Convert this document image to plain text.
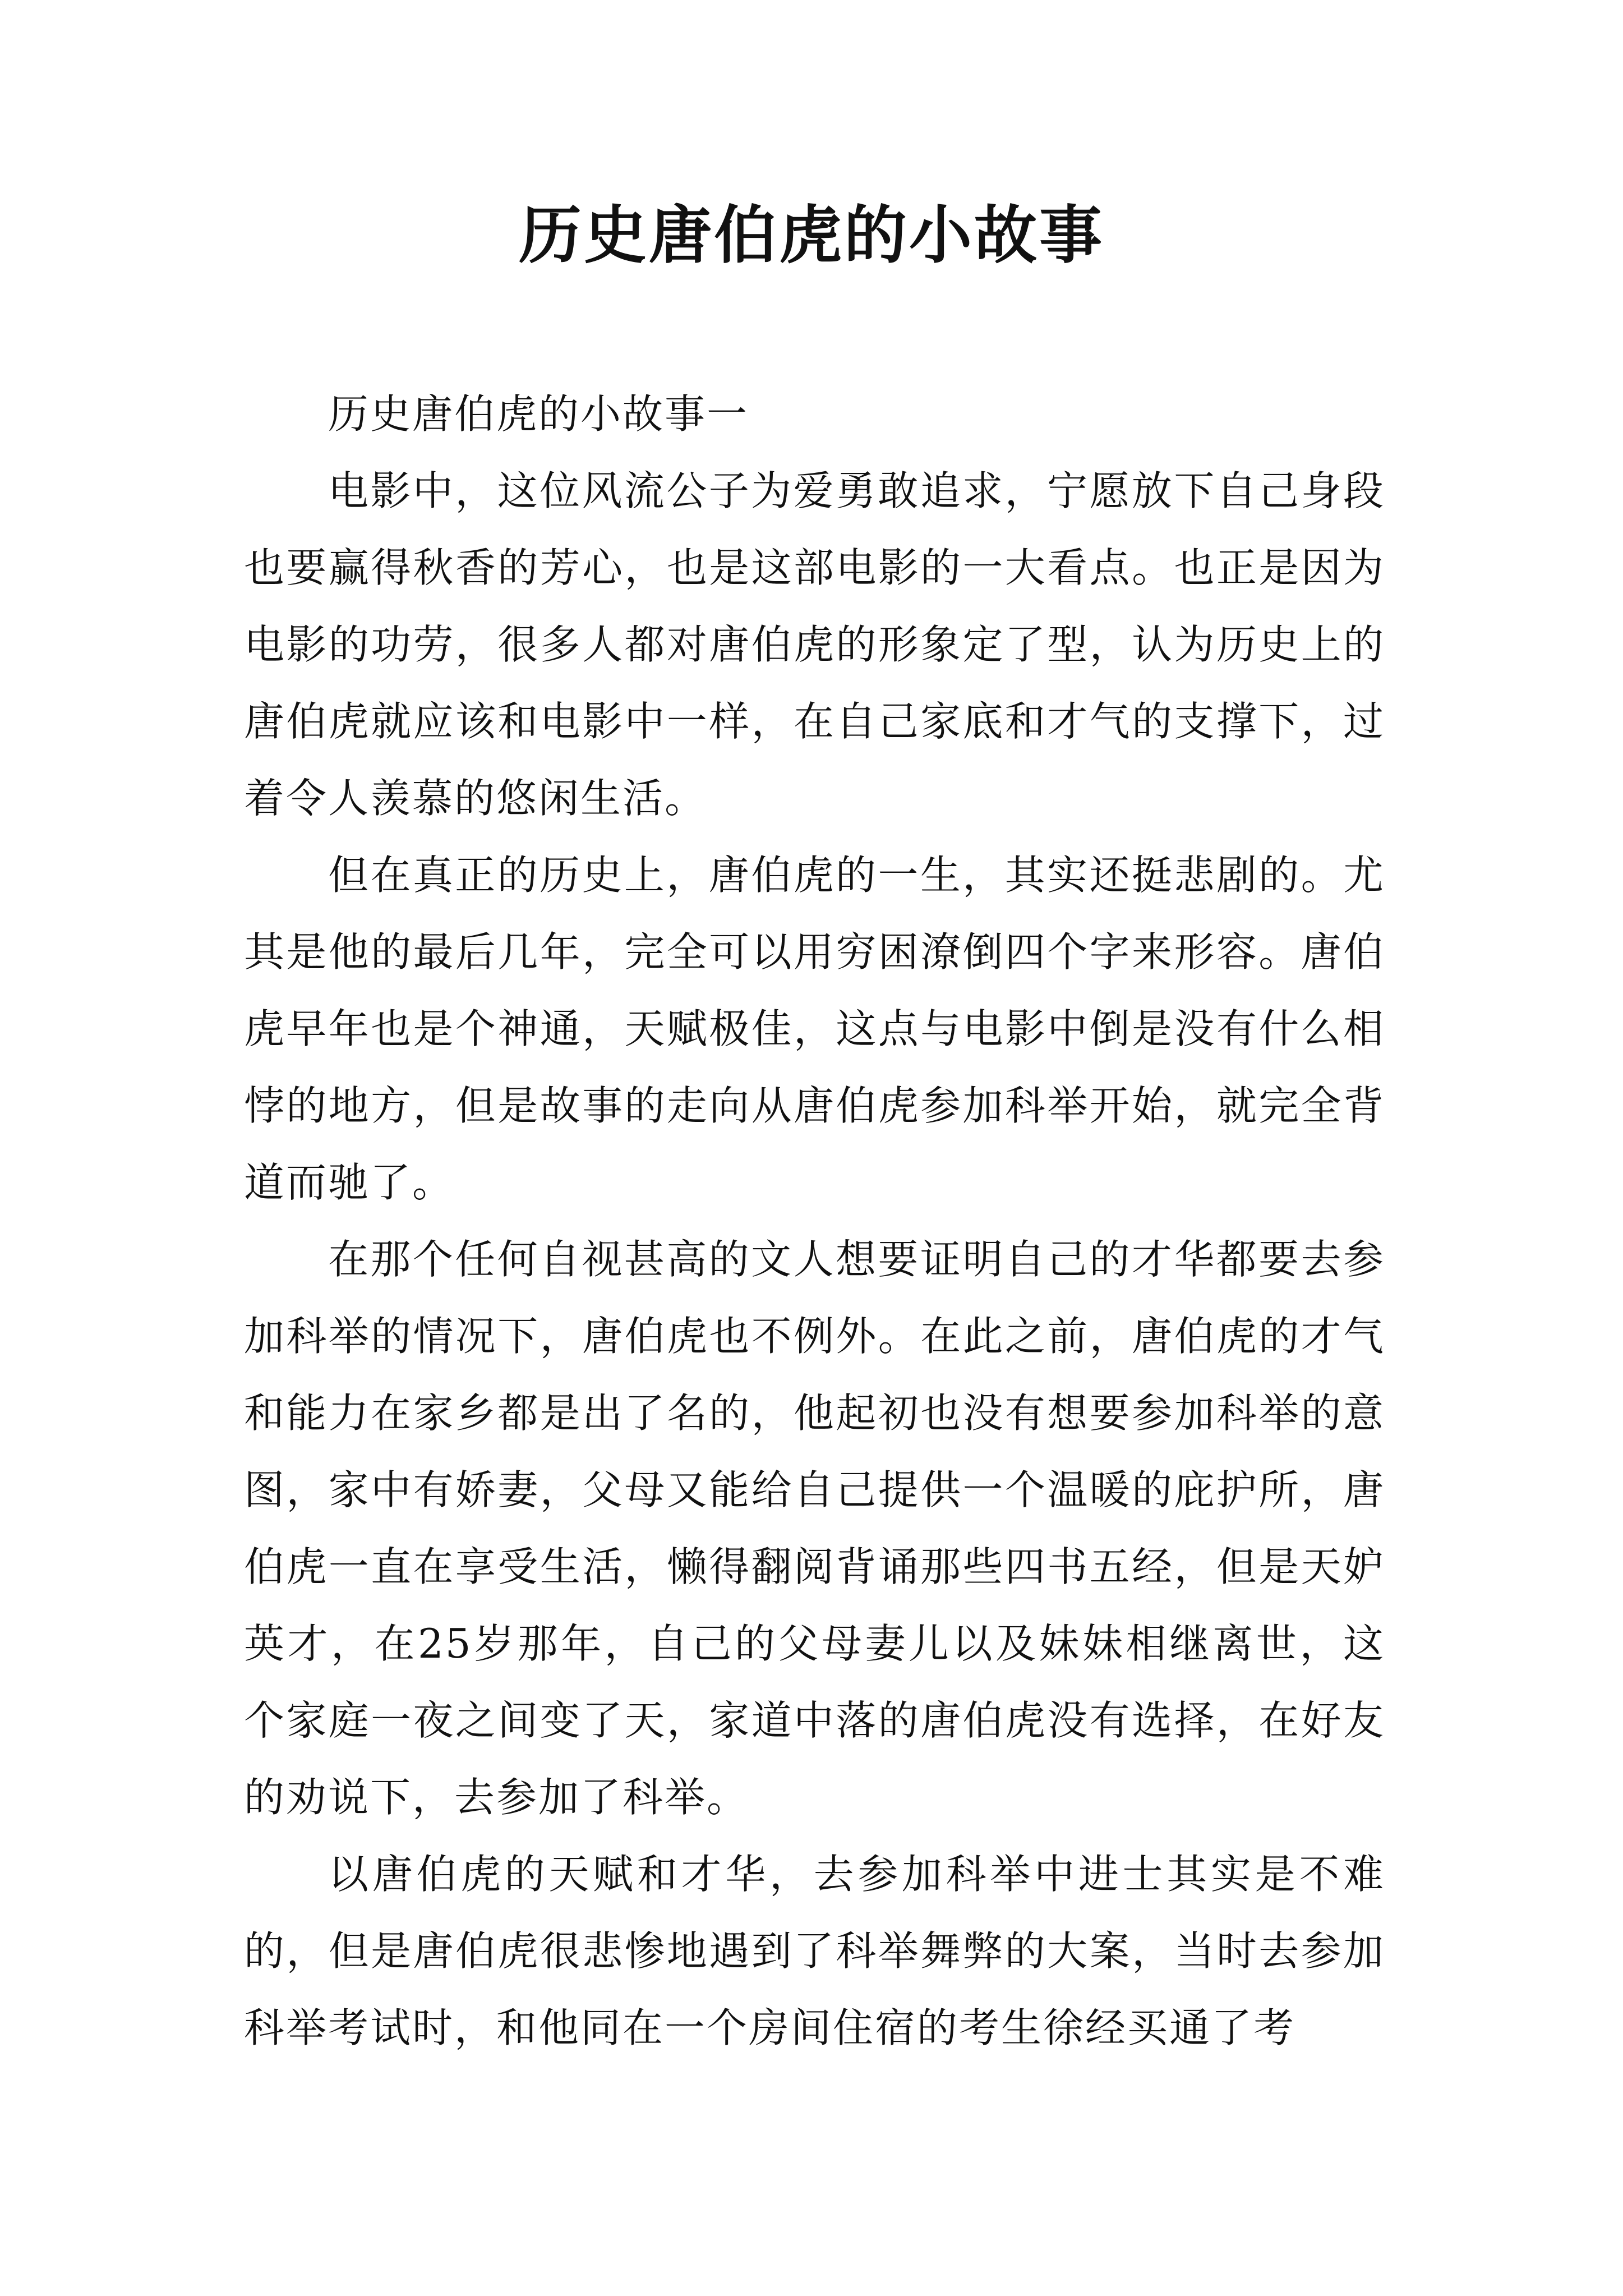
历史唐伯虎的小故事

历史唐伯虎的小故事一

电影中，这位风流公子为爱勇敢追求，宁愿放下自己身段也要赢得秋香的芳心，也是这部电影的一大看点。也正是因为电影的功劳，很多人都对唐伯虎的形象定了型，认为历史上的唐伯虎就应该和电影中一样，在自己家底和才气的支撑下，过着令人羡慕的悠闲生活。

但在真正的历史上，唐伯虎的一生，其实还挺悲剧的。尤其是他的最后几年，完全可以用穷困潦倒四个字来形容。唐伯虎早年也是个神通，天赋极佳，这点与电影中倒是没有什么相悖的地方，但是故事的走向从唐伯虎参加科举开始，就完全背道而驰了。

在那个任何自视甚高的文人想要证明自己的才华都要去参加科举的情况下，唐伯虎也不例外。在此之前，唐伯虎的才气和能力在家乡都是出了名的，他起初也没有想要参加科举的意图，家中有娇妻，父母又能给自己提供一个温暖的庇护所，唐伯虎一直在享受生活，懒得翻阅背诵那些四书五经，但是天妒英才，在25岁那年，自己的父母妻儿以及妹妹相继离世，这个家庭一夜之间变了天，家道中落的唐伯虎没有选择，在好友的劝说下，去参加了科举。

以唐伯虎的天赋和才华，去参加科举中进士其实是不难的，但是唐伯虎很悲惨地遇到了科举舞弊的大案，当时去参加科举考试时，和他同在一个房间住宿的考生徐经买通了考
